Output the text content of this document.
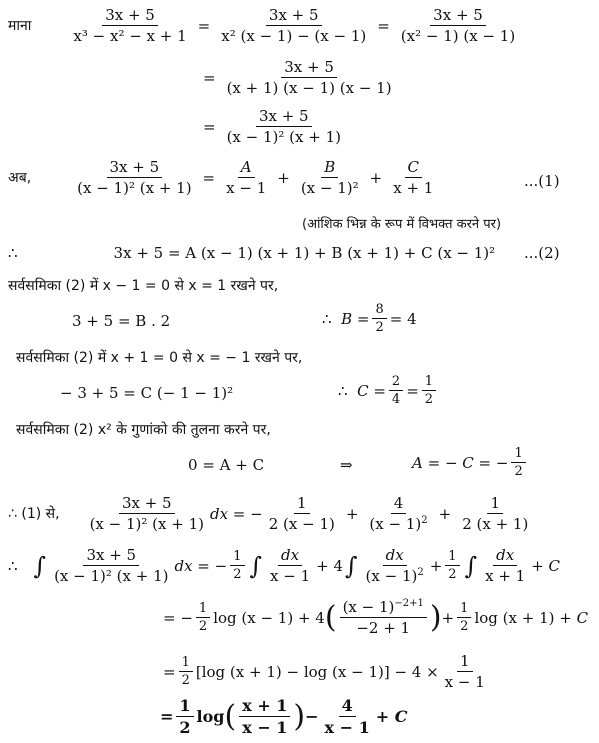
माना	$\frac{3x + 5}{\text{x³ − x² − x + 1}} = \frac{3x + 5}{\text{x² (x − 1) − (x − 1)}} = \frac{3x + 5}{\text{(x² − 1) (x − 1)}}$
= $\frac{3x + 5}{(x + 1) (x - 1) (x - 1)}$
= $\frac{3x + 5}{\text{(x − 1)² (x + 1)}}$
अब,	$\frac{3x + 5}{\text{(x − 1)² (x + 1)}} = \frac{A}{x - 1} + \frac{B}{\text{(x − 1)²}} + \frac{C}{x + 1}$	...(1)
(आंशिक भिन्न के रूप में विभक्त करने पर)
∴	3x + 5 = A (x − 1) (x + 1) + B (x + 1) + C (x − 1)² ...(2)
सर्वसमिका (2) में x − 1 = 0 से x = 1 रखने पर,
3 + 5 = B . 2	∴  $B = \frac{8}{2} = 4$
सर्वसमिका (2) में x + 1 = 0 से x = − 1 रखने पर,
− 3 + 5 = C (− 1 − 1)²	∴  $C = \frac{2}{4} = \frac{1}{2}$
सर्वसमिका (2) x² के गुणांको की तुलना करने पर,
0 = A + C	⇒	A = − C = − $\frac{1}{2}$
∴ (1) से, $\frac{3x + 5}{\text{(x − 1)² (x + 1)}}$ dx = − $\frac{1}{2 (x - 1)} + \frac{4}{(x - 1)^2} + \frac{1}{2 (x + 1)}$
∴ ∫ $\frac{3x + 5}{\text{(x − 1)² (x + 1)}}$ dx = − $\frac{1}{2}$ ∫ $\frac{dx}{x - 1} + 4$ ∫ $\frac{dx}{(x - 1)^2} + \frac{1}{2}$ ∫ $\frac{dx}{x + 1} + C$
= − $\frac{1}{2}$ log (x − 1) + 4 ( $\frac{(x - 1)^{-2+1}}{-2 + 1}$ ) + $\frac{1}{2}$ log (x + 1) + C
= $\frac{1}{2} [\log$ $(x + 1) - \log (x - 1)] - 4 \times \frac{1}{x - 1}$
= $\frac{1}{2}$ log ( $\frac{x + 1}{x - 1}$ ) − $\frac{4}{x - 1} + C$
